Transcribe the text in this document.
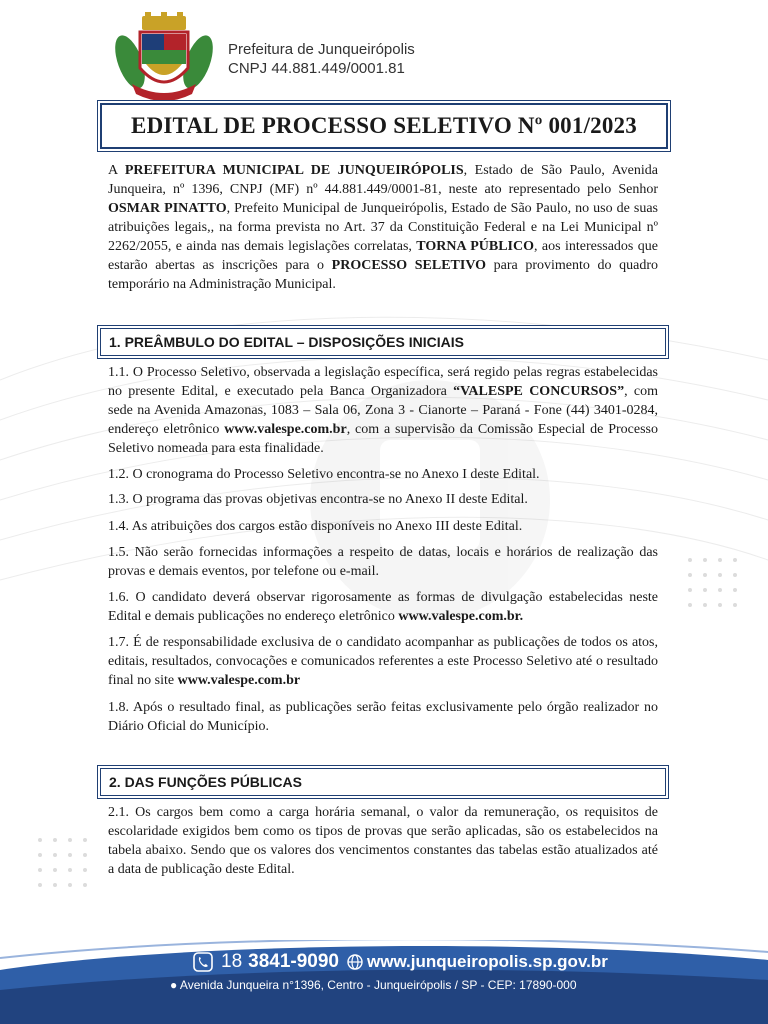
Prefeitura de Junqueirópolis
CNPJ 44.881.449/0001.81
EDITAL DE PROCESSO SELETIVO Nº 001/2023
A PREFEITURA MUNICIPAL DE JUNQUEIRÓPOLIS, Estado de São Paulo, Avenida Junqueira, nº 1396, CNPJ (MF) nº 44.881.449/0001-81, neste ato representado pelo Senhor OSMAR PINATTO, Prefeito Municipal de Junqueirópolis, Estado de São Paulo, no uso de suas atribuições legais,, na forma prevista no Art. 37 da Constituição Federal e na Lei Municipal nº 2262/2055, e ainda nas demais legislações correlatas, TORNA PÚBLICO, aos interessados que estarão abertas as inscrições para o PROCESSO SELETIVO para provimento do quadro temporário na Administração Municipal.
1. PREÂMBULO DO EDITAL – DISPOSIÇÕES INICIAIS
1.1. O Processo Seletivo, observada a legislação específica, será regido pelas regras estabelecidas no presente Edital, e executado pela Banca Organizadora “VALESPE CONCURSOS”, com sede na Avenida Amazonas, 1083 – Sala 06, Zona 3 - Cianorte – Paraná - Fone (44) 3401-0284, endereço eletrônico www.valespe.com.br, com a supervisão da Comissão Especial de Processo Seletivo nomeada para esta finalidade.
1.2. O cronograma do Processo Seletivo encontra-se no Anexo I deste Edital.
1.3. O programa das provas objetivas encontra-se no Anexo II deste Edital.
1.4. As atribuições dos cargos estão disponíveis no Anexo III deste Edital.
1.5. Não serão fornecidas informações a respeito de datas, locais e horários de realização das provas e demais eventos, por telefone ou e-mail.
1.6. O candidato deverá observar rigorosamente as formas de divulgação estabelecidas neste Edital e demais publicações no endereço eletrônico www.valespe.com.br.
1.7. É de responsabilidade exclusiva de o candidato acompanhar as publicações de todos os atos, editais, resultados, convocações e comunicados referentes a este Processo Seletivo até o resultado final no site www.valespe.com.br
1.8. Após o resultado final, as publicações serão feitas exclusivamente pelo órgão realizador no Diário Oficial do Município.
2. DAS FUNÇÕES PÚBLICAS
2.1. Os cargos bem como a carga horária semanal, o valor da remuneração, os requisitos de escolaridade exigidos bem como os tipos de provas que serão aplicadas, são os estabelecidos na tabela abaixo. Sendo que os valores dos vencimentos constantes das tabelas estão atualizados até a data de publicação deste Edital.
18 3841-9090 www.junqueiropolis.sp.gov.br
● Avenida Junqueira n°1396, Centro - Junqueirópolis / SP - CEP: 17890-000
